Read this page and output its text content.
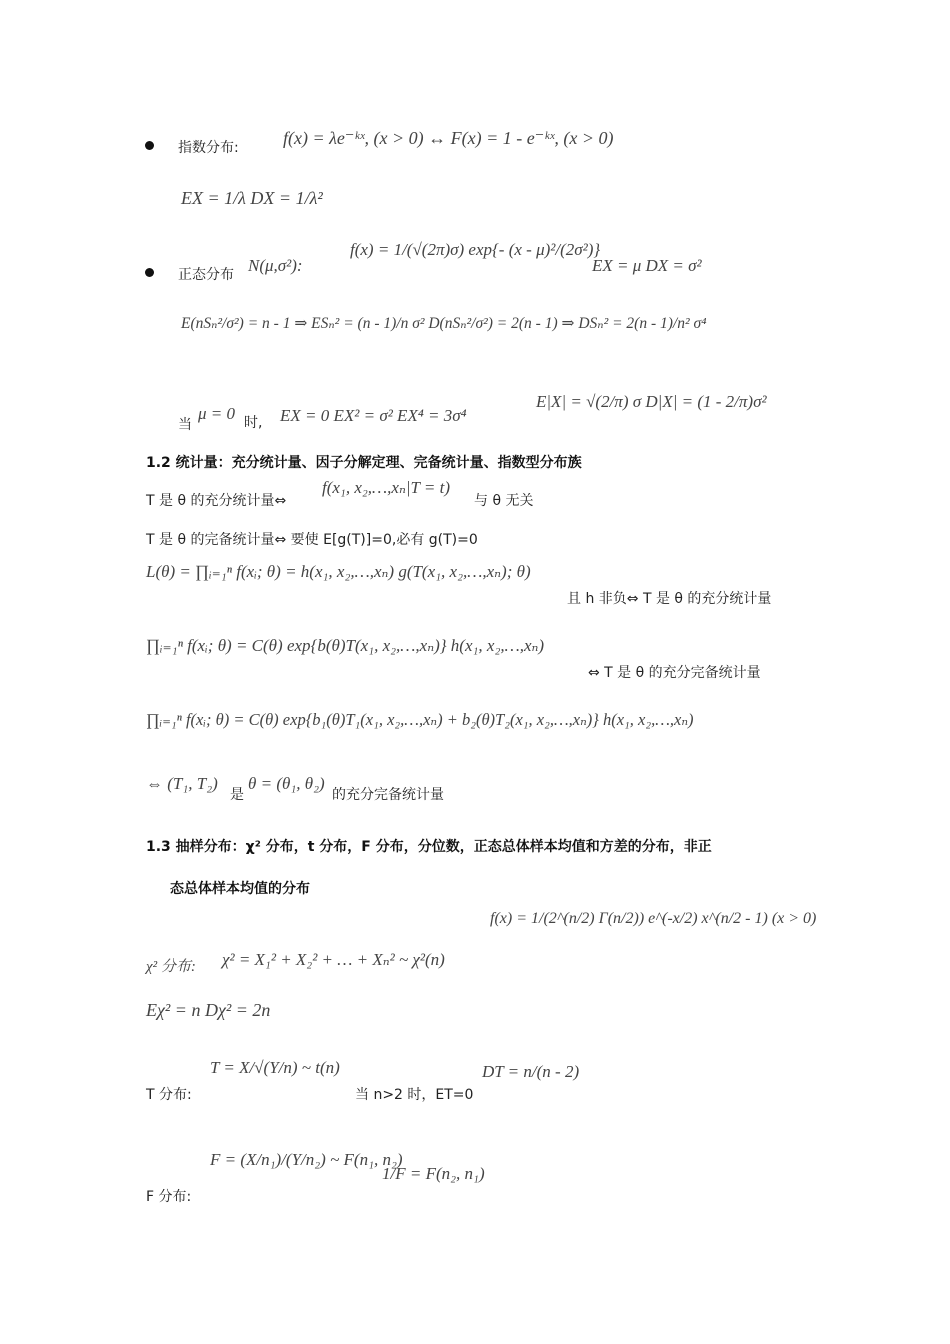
指数分布: f(x) = λe⁻ᵏˣ, (x > 0) ↔ F(x) = 1 - e⁻ᵏˣ, (x > 0)
EX = 1/λ DX = 1/λ²
f(x) = 1/(√(2π)σ) exp{- (x - μ)²/(2σ²)}
EX = μ DX = σ²
正态分布 N(μ,σ²):
E(nSₙ²/σ²) = n - 1 ⇒ ESₙ² = (n - 1)/n σ² D(nSₙ²/σ²) = 2(n - 1) ⇒ DSₙ² = 2(n - 1)/n² σ⁴
当
μ = 0 时, EX = 0 EX² = σ² EX⁴ = 3σ⁴
E|X| = √(2/π) σ D|X| = (1 - 2/π)σ²
1.2 统计量：充分统计量、因子分解定理、完备统计量、指数型分布族
T 是 θ 的充分统计量⇔
f(x₁, x₂,…,xₙ|T = t)
与 θ 无关
T 是 θ 的完备统计量⇔ 要使 E[g(T)]=0,必有 g(T)=0
L(θ) = ∏ᵢ₌₁ⁿ f(xᵢ; θ) = h(x₁, x₂,…,xₙ) g(T(x₁, x₂,…,xₙ); θ)
且 h 非负⇔ T 是 θ 的充分统计量
∏ᵢ₌₁ⁿ f(xᵢ; θ) = C(θ) exp{b(θ)T(x₁, x₂,…,xₙ)} h(x₁, x₂,…,xₙ)
⇔ T 是 θ 的充分完备统计量
∏ᵢ₌₁ⁿ f(xᵢ; θ) = C(θ) exp{b₁(θ)T₁(x₁, x₂,…,xₙ) + b₂(θ)T₂(x₁, x₂,…,xₙ)} h(x₁, x₂,…,xₙ)
⇔ (T₁, T₂)
是
θ = (θ₁, θ₂)
的充分完备统计量
1.3 抽样分布：χ² 分布，t 分布，F 分布，分位数，正态总体样本均值和方差的分布，非正
态总体样本均值的分布
f(x) = 1/(2^(n/2) Γ(n/2)) e^(-x/2) x^(n/2 - 1) (x > 0)
χ² 分布: χ² = X₁² + X₂² + … + Xₙ² ~ χ²(n)
Eχ² = n Dχ² = 2n
T = X/√(Y/n) ~ t(n)	DT = n/(n - 2)
T 分布:	当 n>2 时，ET=0
F = (X/n₁)/(Y/n₂) ~ F(n₁, n₂)
1/F = F(n₂, n₁)
F 分布:
